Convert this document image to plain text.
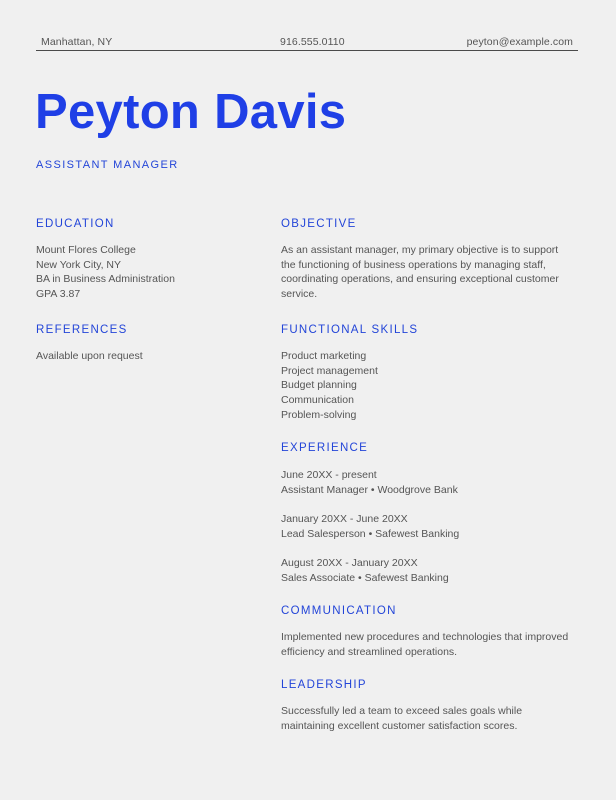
Manhattan, NY	916.555.0110	peyton@example.com
Peyton Davis
ASSISTANT MANAGER
EDUCATION
Mount Flores College
New York City, NY
BA in Business Administration
GPA 3.87
REFERENCES
Available upon request
OBJECTIVE
As an assistant manager, my primary objective is to support the functioning of business operations by managing staff, coordinating operations, and ensuring exceptional customer service.
FUNCTIONAL SKILLS
Product marketing
Project management
Budget planning
Communication
Problem-solving
EXPERIENCE
June 20XX - present
Assistant Manager • Woodgrove Bank
January 20XX - June 20XX
Lead Salesperson • Safewest Banking
August 20XX - January 20XX
Sales Associate • Safewest Banking
COMMUNICATION
Implemented new procedures and technologies that improved efficiency and streamlined operations.
LEADERSHIP
Successfully led a team to exceed sales goals while maintaining excellent customer satisfaction scores.
